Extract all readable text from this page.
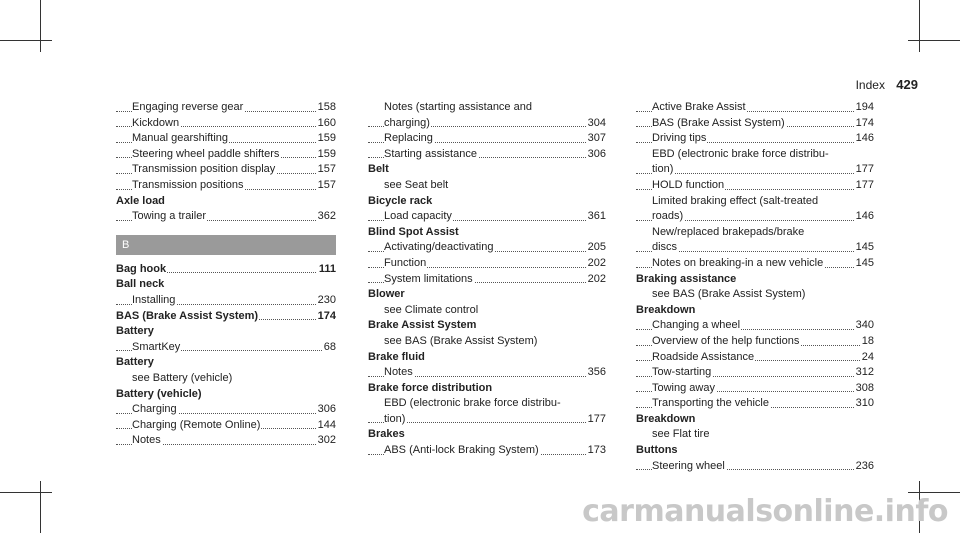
Index 429
Engaging reverse gear	158
Kickdown	160
Manual gearshifting	159
Steering wheel paddle shifters	159
Transmission position display	157
Transmission positions	157
Axle load
Towing a trailer	362
B
Bag hook	111
Ball neck
Installing	230
BAS (Brake Assist System)	174
Battery
SmartKey	68
Battery
see Battery (vehicle)
Battery (vehicle)
Charging	306
Charging (Remote Online)	144
Notes	302
Notes (starting assistance and
charging)	304
Replacing	307
Starting assistance	306
Belt
see Seat belt
Bicycle rack
Load capacity	361
Blind Spot Assist
Activating/deactivating	205
Function	202
System limitations	202
Blower
see Climate control
Brake Assist System
see BAS (Brake Assist System)
Brake fluid
Notes	356
Brake force distribution
EBD (electronic brake force distribu-
tion)	177
Brakes
ABS (Anti-lock Braking System)	173
Active Brake Assist	194
BAS (Brake Assist System)	174
Driving tips	146
EBD (electronic brake force distribu-
tion)	177
HOLD function	177
Limited braking effect (salt-treated
roads)	146
New/replaced brakepads/brake
discs	145
Notes on breaking-in a new vehicle	145
Braking assistance
see BAS (Brake Assist System)
Breakdown
Changing a wheel	340
Overview of the help functions	18
Roadside Assistance	24
Tow-starting	312
Towing away	308
Transporting the vehicle	310
Breakdown
see Flat tire
Buttons
Steering wheel	236
carmanualsonline.info
